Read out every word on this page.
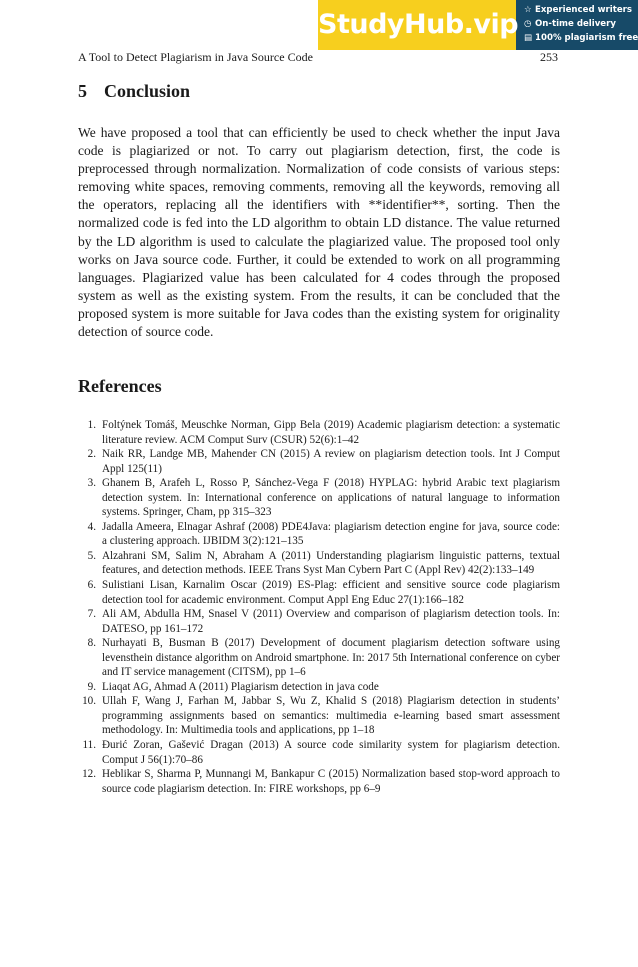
A Tool to Detect Plagiarism in Java Source Code	253
StudyHub.vip ☆ Experienced writers
◷ On-time delivery
▤ 100% plagiarism free
5 Conclusion

We have proposed a tool that can efficiently be used to check whether the input Java code is plagiarized or not. To carry out plagiarism detection, first, the code is preprocessed through normalization. Normalization of code consists of various steps: removing white spaces, removing comments, removing all the keywords, removing all the operators, replacing all the identifiers with **identifier**, sorting. Then the normalized code is fed into the LD algorithm to obtain LD distance. The value returned by the LD algorithm is used to calculate the plagiarized value. The proposed tool only works on Java source code. Further, it could be extended to work on all programming languages. Plagiarized value has been calculated for 4 codes through the proposed system as well as the existing system. From the results, it can be concluded that the proposed system is more suitable for Java codes than the existing system for originality detection of source code.

References
1. Foltýnek Tomáš, Meuschke Norman, Gipp Bela (2019) Academic plagiarism detection: a systematic literature review. ACM Comput Surv (CSUR) 52(6):1–42
2. Naik RR, Landge MB, Mahender CN (2015) A review on plagiarism detection tools. Int J Comput Appl 125(11)
3. Ghanem B, Arafeh L, Rosso P, Sánchez-Vega F (2018) HYPLAG: hybrid Arabic text plagiarism detection system. In: International conference on applications of natural language to information systems. Springer, Cham, pp 315–323
4. Jadalla Ameera, Elnagar Ashraf (2008) PDE4Java: plagiarism detection engine for java, source code: a clustering approach. IJBIDM 3(2):121–135
5. Alzahrani SM, Salim N, Abraham A (2011) Understanding plagiarism linguistic patterns, textual features, and detection methods. IEEE Trans Syst Man Cybern Part C (Appl Rev) 42(2):133–149
6. Sulistiani Lisan, Karnalim Oscar (2019) ES-Plag: efficient and sensitive source code plagiarism detection tool for academic environment. Comput Appl Eng Educ 27(1):166–182
7. Ali AM, Abdulla HM, Snasel V (2011) Overview and comparison of plagiarism detection tools. In: DATESO, pp 161–172
8. Nurhayati B, Busman B (2017) Development of document plagiarism detection software using levensthein distance algorithm on Android smartphone. In: 2017 5th International conference on cyber and IT service management (CITSM), pp 1–6
9. Liaqat AG, Ahmad A (2011) Plagiarism detection in java code
10. Ullah F, Wang J, Farhan M, Jabbar S, Wu Z, Khalid S (2018) Plagiarism detection in students’ programming assignments based on semantics: multimedia e-learning based smart assessment methodology. In: Multimedia tools and applications, pp 1–18
11. Đurić Zoran, Gašević Dragan (2013) A source code similarity system for plagiarism detection. Comput J 56(1):70–86
12. Heblikar S, Sharma P, Munnangi M, Bankapur C (2015) Normalization based stop-word approach to source code plagiarism detection. In: FIRE workshops, pp 6–9
